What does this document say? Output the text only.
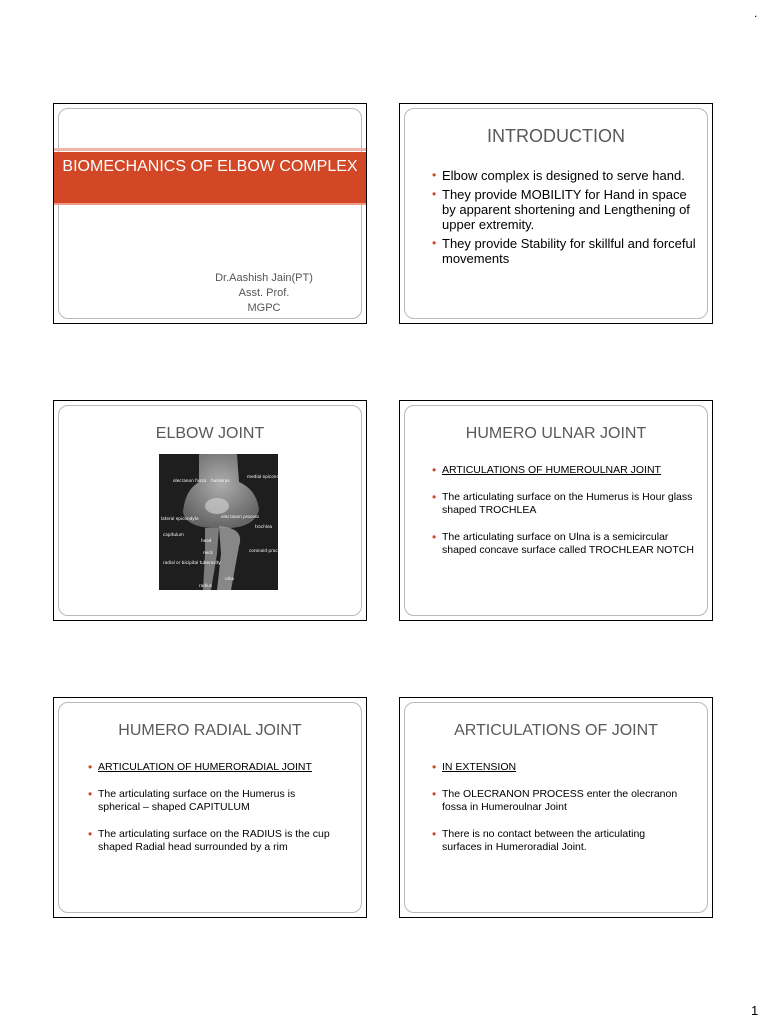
.
BIOMECHANICS OF ELBOW COMPLEX
Dr.Aashish Jain(PT)
Asst. Prof.
MGPC
INTRODUCTION
• Elbow complex is designed to serve hand.
• They provide MOBILITY for Hand in space by apparent shortening and Lengthening of upper extremity.
• They provide Stability for skillful and forceful movements
ELBOW JOINT
olecranon fossa humerus
medial epicondyle
lateral epicondyle	olecranon process
trochlea
capitulum
head
neck	coronoid process
radial or bicipital tuberosity
ulna
radius
HUMERO ULNAR JOINT
• ARTICULATIONS OF HUMEROULNAR JOINT
• The articulating surface on the Humerus is Hour glass shaped TROCHLEA
• The articulating surface on Ulna is a semicircular shaped concave surface called TROCHLEAR NOTCH
HUMERO RADIAL JOINT
• ARTICULATION OF HUMERORADIAL JOINT
• The articulating surface on the Humerus is spherical – shaped CAPITULUM
• The articulating surface on the RADIUS is the cup shaped Radial head surrounded by a rim
ARTICULATIONS OF JOINT
• IN EXTENSION
• The OLECRANON PROCESS enter the olecranon fossa in Humeroulnar Joint
• There is no contact between the articulating surfaces in Humeroradial Joint.
1
